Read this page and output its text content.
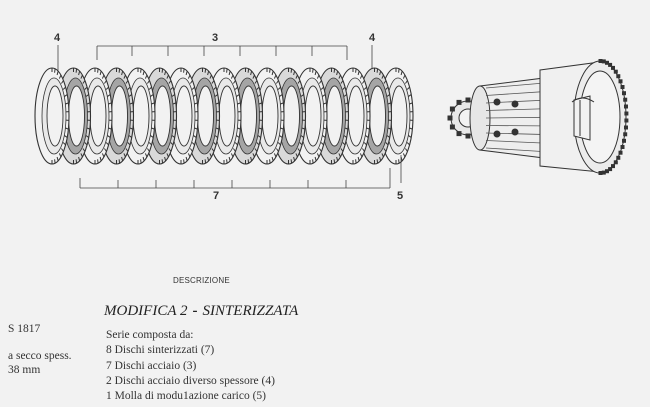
4	3	4
7	5
DESCRIZIONE
MODIFICA 2 - SINTERIZZATA
S 1817
a secco spess.
38 mm
Serie composta da:
8 Dischi sinterizzati (7)
7 Dischi acciaio (3)
2 Dischi acciaio diverso spessore (4)
1 Molla di modu1azione carico (5)
